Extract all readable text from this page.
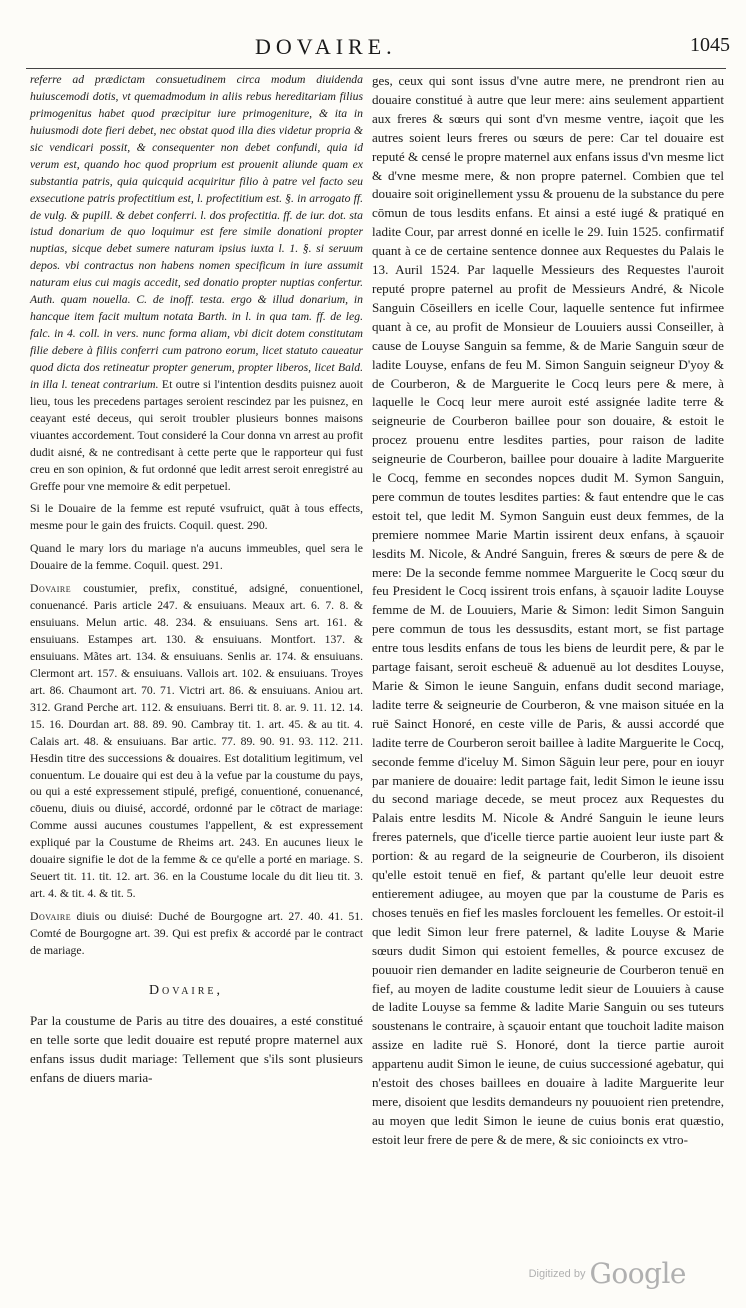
DOVAIRE.	1045

referre ad prædictam consuetudinem circa modum diuidenda huiuscemodi dotis, vt quemadmodum in aliis rebus hereditariam filius primogenitus habet quod præcipitur iure primogeniture, & ita in huiusmodi dote fieri debet, nec obstat quod illa dies videtur propria & sic vendicari possit, & consequenter non debet confundi, quia id verum est, quando hoc quod proprium est prouenit aliunde quam ex substantia patris, quia quicquid acquiritur filio à patre vel facto seu exsecutione patris profectitium est, l. profectitium est. §. in arrogato ff. de vulg. & pupill. & debet conferri. l. dos profectitia. ff. de iur. dot. sta istud donarium de quo loquimur est fere simile donationi propter nuptias, sicque debet sumere naturam ipsius iuxta l. 1. §. si seruum depos. vbi contractus non habens nomen specificum in iure assumit naturam eius cui magis accedit, sed donatio propter nuptias confertur. Auth. quam nouella. C. de inoff. testa. ergo & illud donarium, in hancque item facit multum notata Barth. in l. in qua tam. ff. de leg. falc. in 4. coll. in vers. nunc forma aliam, vbi dicit dotem constitutam filie debere à filiis conferri cum patrono eorum, licet statuto caueatur quod dicta dos retineatur propter generum, propter liberos, licet Bald. in illa l. teneat contrarium. Et outre si l'intention desdits puisnez auoit lieu, tous les precedens partages seroient rescindez par les puisnez, en ceayant esté deceus, qui seroit troubler plusieurs bonnes maisons viuantes accordement. Tout consideré la Cour donna vn arrest au profit dudit aisné, & ne contredisant à cette perte que le rapporteur qui fust creu en son opinion, & fut ordonné que ledit arrest seroit enregistré au Greffe pour vne memoire & edit perpetuel.

Si le Douaire de la femme est reputé vsufruict, quāt à tous effects, mesme pour le gain des fruicts. Coquil. quest. 290.

Quand le mary lors du mariage n'a aucuns immeubles, quel sera le Douaire de la femme. Coquil. quest. 291.

Dovaire coustumier, prefix, constitué, adsigné, conuentionel, conuenancé. Paris article 247. & ensuiuans. Meaux art. 6. 7. 8. & ensuiuans. Melun artic. 48. 234. & ensuiuans. Sens art. 161. & ensuiuans. Estampes art. 130. & ensuiuans. Montfort. 137. & ensuiuans. Mãtes art. 134. & ensuiuans. Senlis ar. 174. & ensuiuans. Clermont art. 157. & ensuiuans. Vallois art. 102. & ensuiuans. Troyes art. 86. Chaumont art. 70. 71. Victri art. 86. & ensuiuans. Aniou art. 312. Grand Perche art. 112. & ensuiuans. Berri tit. 8. ar. 9. 11. 12. 14. 15. 16. Dourdan art. 88. 89. 90. Cambray tit. 1. art. 45. & au tit. 4. Calais art. 48. & ensuiuans. Bar artic. 77. 89. 90. 91. 93. 112. 211. Hesdin titre des successions & douaires. Est dotalitium legitimum, vel conuentum. Le douaire qui est deu à la vefue par la coustume du pays, ou qui a esté expressement stipulé, prefigé, conuentioné, conuenancé, cōuenu, diuis ou diuisé, accordé, ordonné par le cōtract de mariage: Comme aussi aucunes coustumes l'appellent, & est expressement expliqué par la Coustume de Rheims art. 243. En aucunes lieux le douaire signifie le dot de la femme & ce qu'elle a porté en mariage. S. Seuert tit. 11. tit. 12. art. 36. en la Coustume locale du dit lieu tit. 3. art. 4. & tit. 4. & tit. 5.

Dovaire diuis ou diuisé: Duché de Bourgogne art. 27. 40. 41. 51. Comté de Bourgogne art. 39. Qui est prefix & accordé par le contract de mariage.

Dovaire,

Par la coustume de Paris au titre des douaires, a esté constitué en telle sorte que ledit douaire est reputé propre maternel aux enfans issus dudit mariage: Tellement que s'ils sont plusieurs enfans de diuers maria-

ges, ceux qui sont issus d'vne autre mere, ne prendront rien au douaire constitué à autre que leur mere: ains seulement appartient aux freres & sœurs qui sont d'vn mesme ventre, iaçoit que les autres soient leurs freres ou sœurs de pere: Car tel douaire est reputé & censé le propre maternel aux enfans issus d'vn mesme lict & d'vne mesme mere, & non propre paternel. Combien que tel douaire soit originellement yssu & prouenu de la substance du pere cōmun de tous lesdits enfans. Et ainsi a esté iugé & pratiqué en ladite Cour, par arrest donné en icelle le 29. Iuin 1525. confirmatif quant à ce de certaine sentence donnee aux Requestes du Palais le 13. Auril 1524. Par laquelle Messieurs des Requestes l'auroit reputé propre paternel au profit de Messieurs André, & Nicole Sanguin Cōseillers en icelle Cour, laquelle sentence fut infirmee quant à ce, au profit de Monsieur de Louuiers aussi Conseiller, à cause de Louyse Sanguin sa femme, & de Marie Sanguin sœur de ladite Louyse, enfans de feu M. Simon Sanguin seigneur D'yoy & de Courberon, & de Marguerite le Cocq leurs pere & mere, à laquelle le Cocq leur mere auroit esté assignée ladite terre & seigneurie de Courberon baillee pour son douaire, & estoit le procez prouenu entre lesdites parties, pour raison de ladite seigneurie de Courberon, baillee pour douaire à ladite Marguerite le Cocq, femme en secondes nopces dudit M. Symon Sanguin, pere commun de toutes lesdites parties: & faut entendre que le cas estoit tel, que ledit M. Symon Sanguin eust deux femmes, de la premiere nommee Marie Martin issirent deux enfans, à sçauoir lesdits M. Nicole, & André Sanguin, freres & sœurs de pere & de mere: De la seconde femme nommee Marguerite le Cocq sœur du feu President le Cocq issirent trois enfans, à sçauoir ladite Louyse femme de M. de Louuiers, Marie & Simon: ledit Simon Sanguin pere commun de tous les dessusdits, estant mort, se fist partage entre tous lesdits enfans de tous les biens de leurdit pere, & par le partage faisant, seroit escheuë & aduenuë au lot desdites Louyse, Marie & Simon le ieune Sanguin, enfans dudit second mariage, ladite terre & seigneurie de Courberon, & vne maison située en la ruë Sainct Honoré, en ceste ville de Paris, & aussi accordé que ladite terre de Courberon seroit baillee à ladite Marguerite le Cocq, seconde femme d'iceluy M. Simon Sãguin leur pere, pour en iouyr par maniere de douaire: ledit partage fait, ledit Simon le ieune issu du second mariage decede, se meut procez aux Requestes du Palais entre lesdits M. Nicole & André Sanguin le ieune leurs freres paternels, que d'icelle tierce partie auoient leur iuste part & portion: & au regard de la seigneurie de Courberon, ils disoient qu'elle estoit tenuë en fief, & partant qu'elle leur deuoit estre entierement adiugee, au moyen que par la coustume de Paris es choses tenuës en fief les masles forclouent les femelles. Or estoit-il que ledit Simon leur frere paternel, & ladite Louyse & Marie sœurs dudit Simon qui estoient femelles, & pource excusez de pouuoir rien demander en ladite seigneurie de Courberon tenuë en fief, au moyen de ladite coustume ledit sieur de Louuiers à cause de ladite Louyse sa femme & ladite Marie Sanguin ou ses tuteurs soustenans le contraire, à sçauoir entant que touchoit ladite maison assize en ladite ruë S. Honoré, dont la tierce partie auroit appartenu audit Simon le ieune, de cuius successioné agebatur, qui n'estoit des choses baillees en douaire à ladite Marguerite leur mere, disoient que lesdits demandeurs ny pouuoient rien pretendre, au moyen que ledit Simon le ieune de cuius bonis erat quæstio, estoit leur frere de pere & de mere, & sic conioincts ex vtro-

Digitized by Google
